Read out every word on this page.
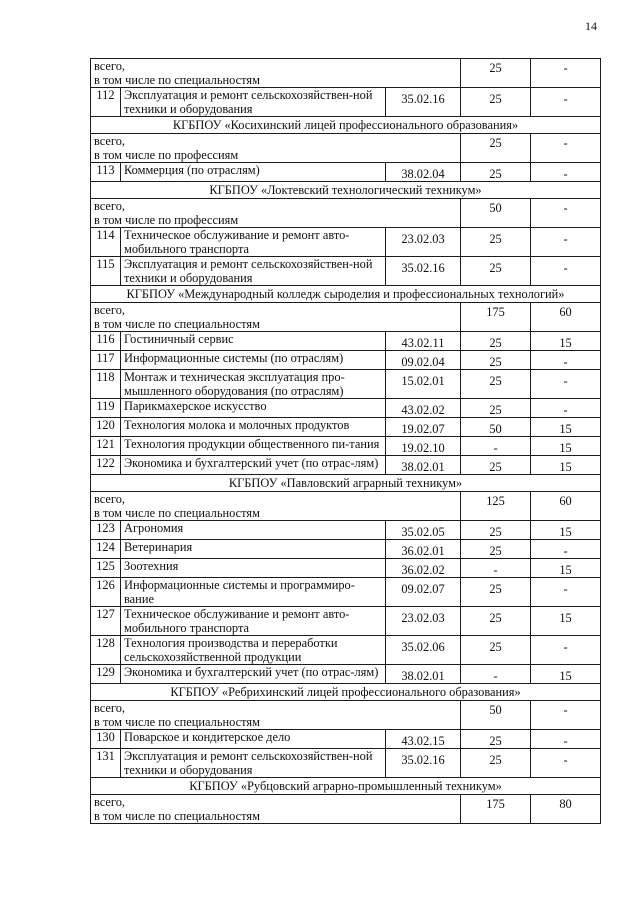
14
всего,
в том числе по специальностям			25	-
112	Эксплуатация и ремонт сельскохозяйствен-ной техники и оборудования	35.02.16	25	-
КГБПОУ «Косихинский лицей профессионального образования»				

всего,
в том числе по профессиям			25	-
113	Коммерция (по отраслям)	38.02.04	25	-
КГБПОУ «Локтевский технологический техникум»				

всего,
в том числе по профессиям			50	-
114	Техническое обслуживание и ремонт авто-мобильного транспорта	23.02.03	25	-
115	Эксплуатация и ремонт сельскохозяйствен-ной техники и оборудования	35.02.16	25	-
КГБПОУ «Международный колледж сыроделия и профессиональных технологий»				

всего,
в том числе по специальностям			175	60
116	Гостиничный сервис	43.02.11	25	15
117	Информационные системы (по отраслям)	09.02.04	25	-
118	Монтаж и техническая эксплуатация про-мышленного оборудования (по отраслям)	15.02.01	25	-
119	Парикмахерское искусство	43.02.02	25	-
120	Технология молока и молочных продуктов	19.02.07	50	15
121	Технология продукции общественного пи-тания	19.02.10	-	15
122	Экономика и бухгалтерский учет (по отрас-лям)	38.02.01	25	15
КГБПОУ «Павловский аграрный техникум»				

всего,
в том числе по специальностям			125	60
123	Агрономия	35.02.05	25	15
124	Ветеринария	36.02.01	25	-
125	Зоотехния	36.02.02	-	15
126	Информационные системы и программиро-вание	09.02.07	25	-
127	Техническое обслуживание и ремонт авто-мобильного транспорта	23.02.03	25	15
128	Технология производства и переработки сельскохозяйственной продукции	35.02.06	25	-
129	Экономика и бухгалтерский учет (по отрас-лям)	38.02.01	-	15
КГБПОУ «Ребрихинский лицей профессионального образования»				

всего,
в том числе по специальностям			50	-
130	Поварское и кондитерское дело	43.02.15	25	-
131	Эксплуатация и ремонт сельскохозяйствен-ной техники и оборудования	35.02.16	25	-
КГБПОУ «Рубцовский аграрно-промышленный техникум»				

всего,
в том числе по специальностям			175	80
